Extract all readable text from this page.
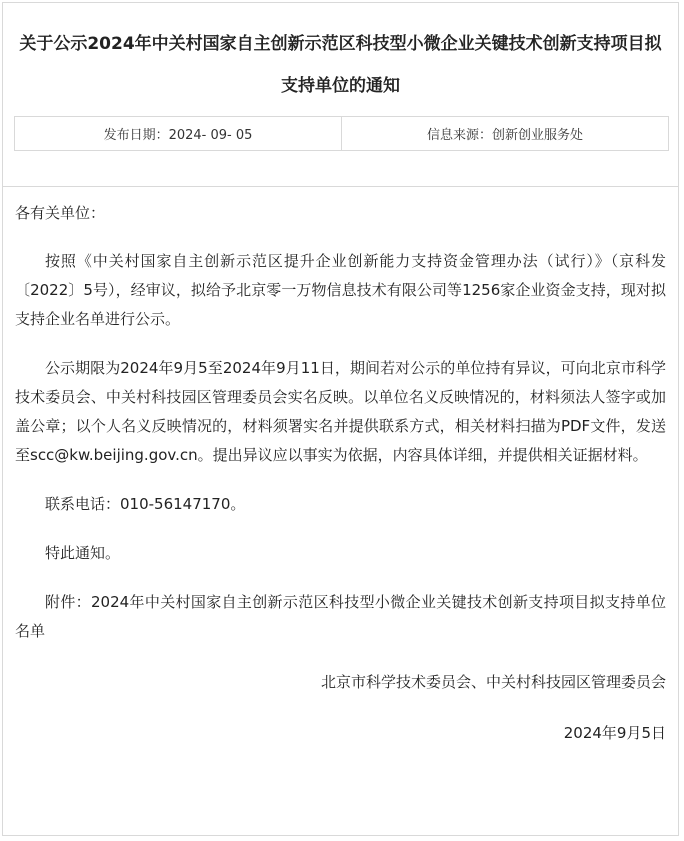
关于公示2024年中关村国家自主创新示范区科技型小微企业关键技术创新支持项目拟支持单位的通知
发布日期：2024- 09- 05	信息来源：创新创业服务处

各有关单位：

按照《中关村国家自主创新示范区提升企业创新能力支持资金管理办法（试行）》（京科发〔2022〕5号），经审议，拟给予北京零一万物信息技术有限公司等1256家企业资金支持，现对拟支持企业名单进行公示。

公示期限为2024年9月5至2024年9月11日，期间若对公示的单位持有异议，可向北京市科学技术委员会、中关村科技园区管理委员会实名反映。以单位名义反映情况的，材料须法人签字或加盖公章；以个人名义反映情况的，材料须署实名并提供联系方式，相关材料扫描为PDF文件，发送至scc@kw.beijing.gov.cn。提出异议应以事实为依据，内容具体详细，并提供相关证据材料。

联系电话：010-56147170。

特此通知。

附件：2024年中关村国家自主创新示范区科技型小微企业关键技术创新支持项目拟支持单位名单

北京市科学技术委员会、中关村科技园区管理委员会

2024年9月5日
